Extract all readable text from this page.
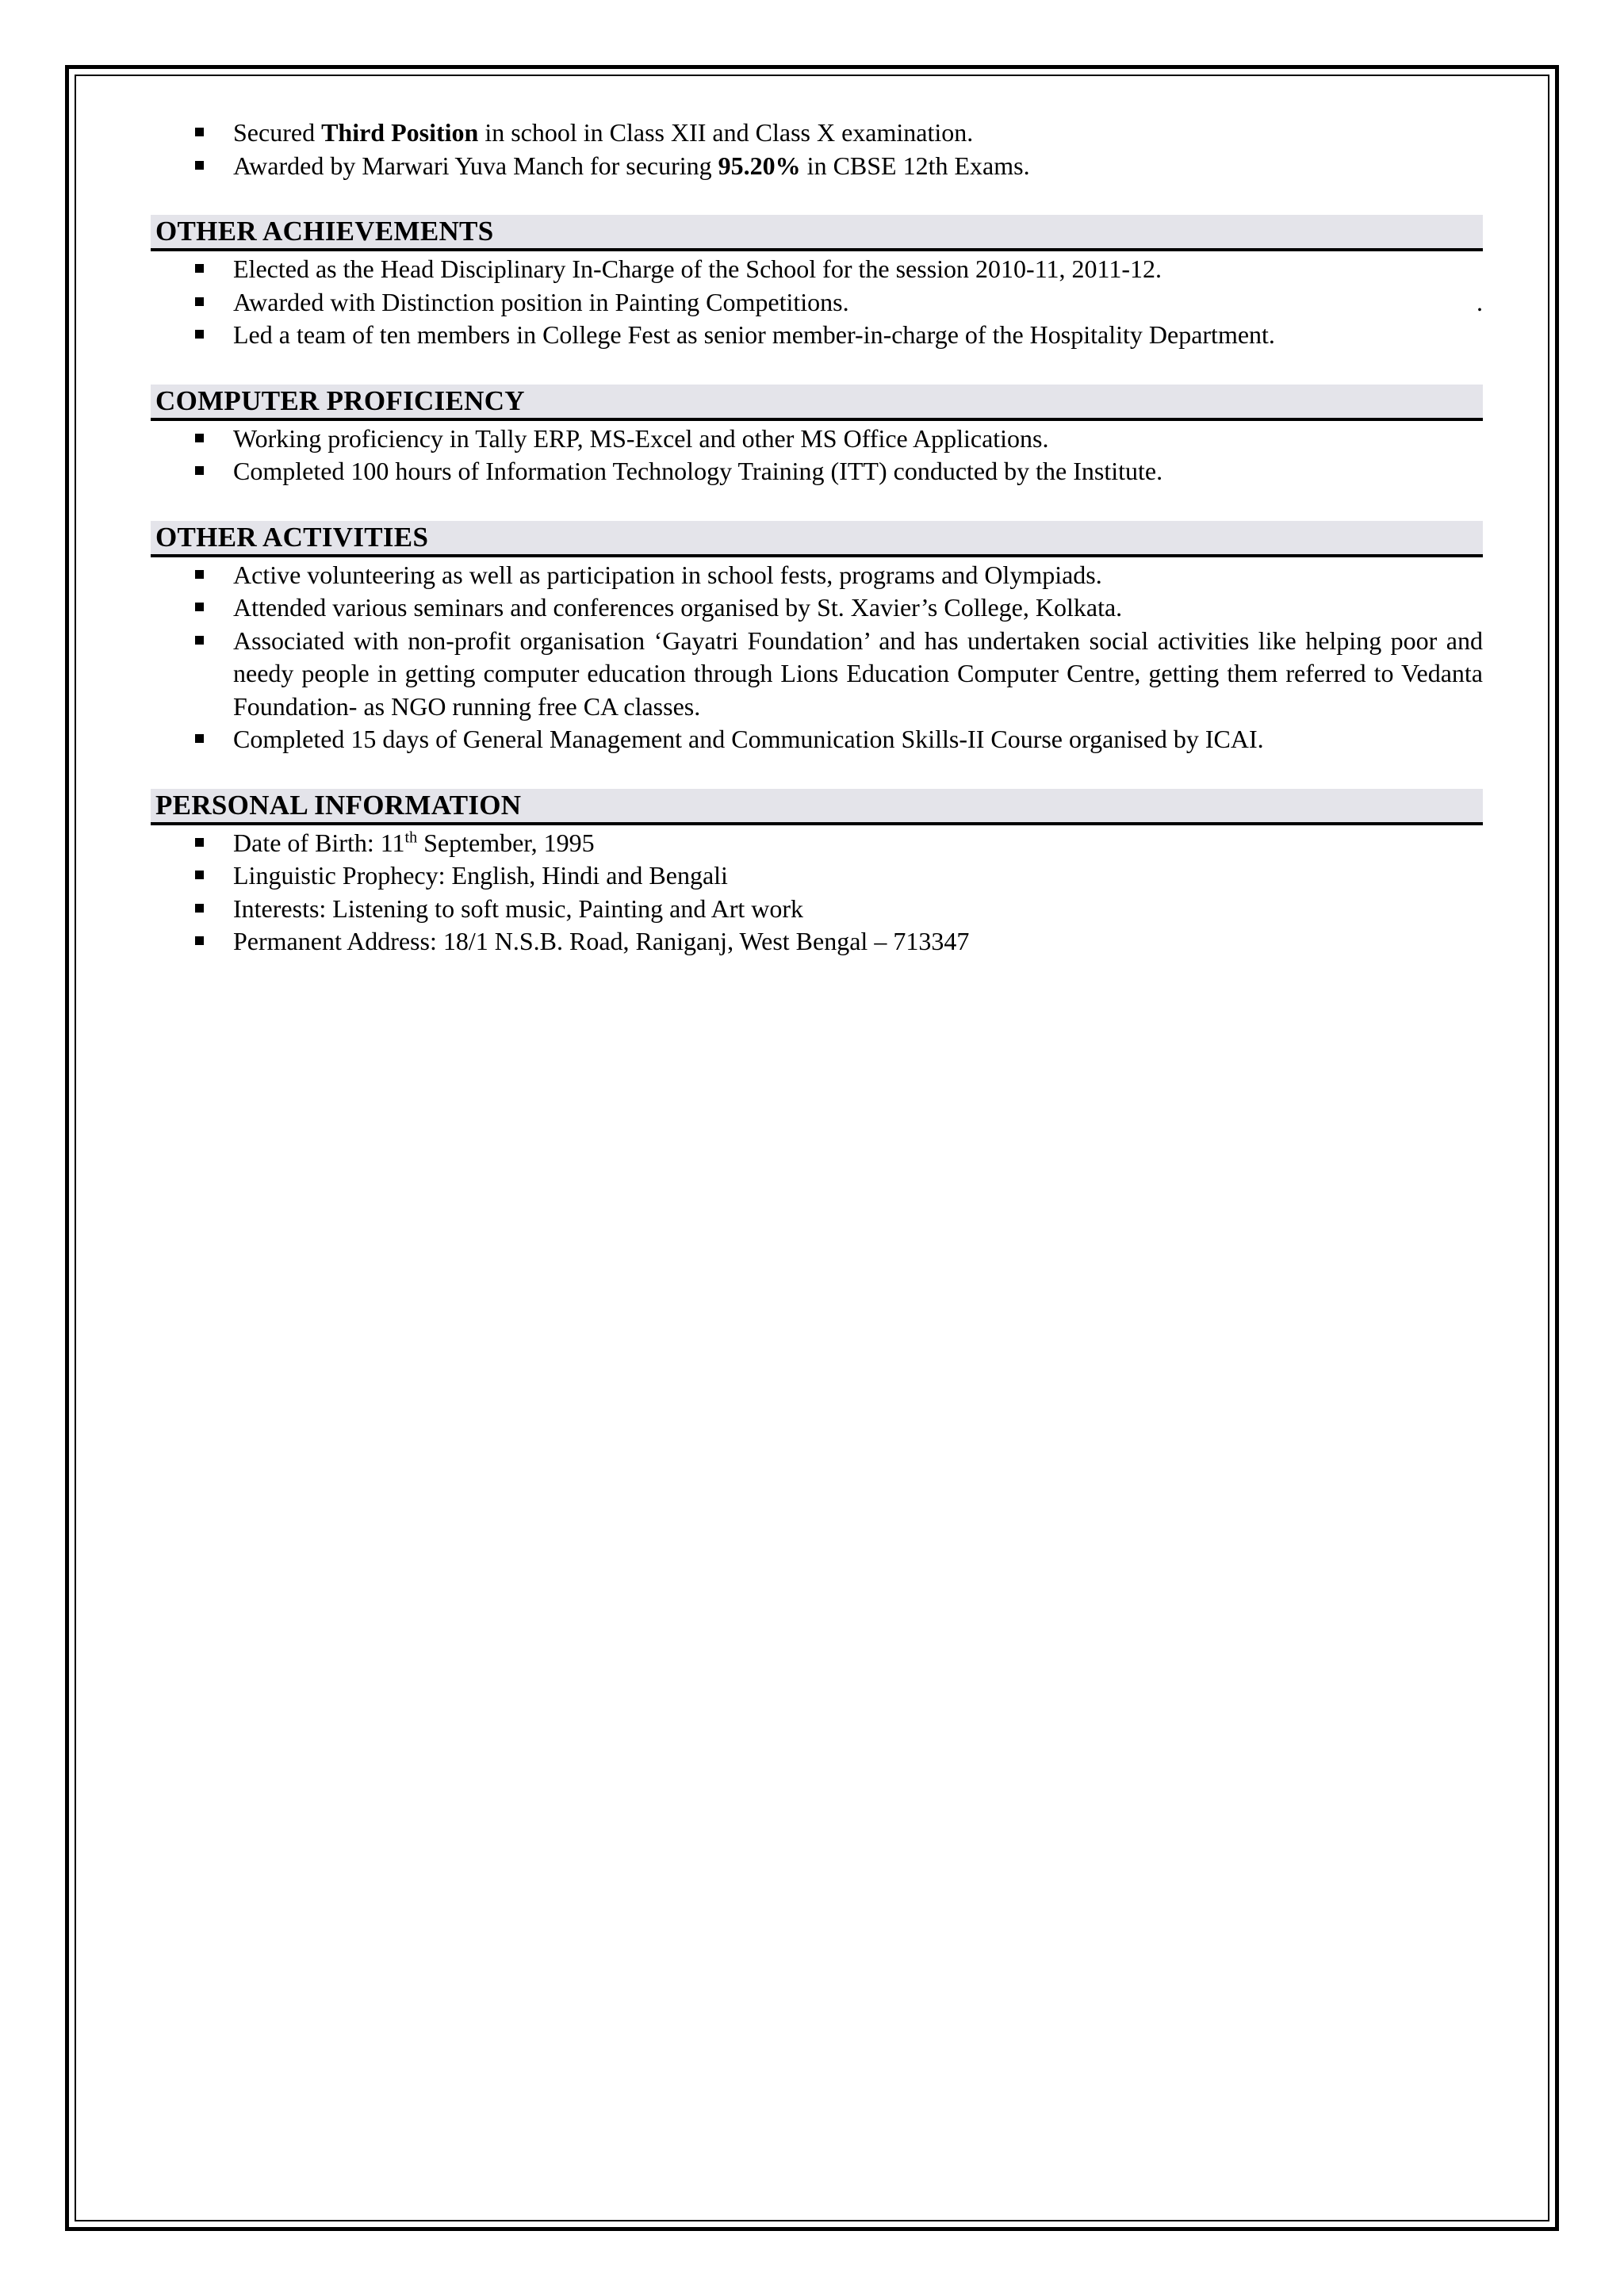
Secured Third Position in school in Class XII and Class X examination.
Awarded by Marwari Yuva Manch for securing 95.20% in CBSE 12th Exams.
OTHER ACHIEVEMENTS
Elected as the Head Disciplinary In-Charge of the School for the session 2010-11, 2011-12.
Awarded with Distinction position in Painting Competitions.	.
Led a team of ten members in College Fest as senior member-in-charge of the Hospitality Department.
COMPUTER PROFICIENCY
Working proficiency in Tally ERP, MS-Excel and other MS Office Applications.
Completed 100 hours of Information Technology Training (ITT) conducted by the Institute.
OTHER ACTIVITIES
Active volunteering as well as participation in school fests, programs and Olympiads.
Attended various seminars and conferences organised by St. Xavier’s College, Kolkata.
Associated with non-profit organisation ‘Gayatri Foundation’ and has undertaken social activities like helping poor and needy people in getting computer education through Lions Education Computer Centre, getting them referred to Vedanta Foundation- as NGO running free CA classes.
Completed 15 days of General Management and Communication Skills-II Course organised by ICAI.
PERSONAL INFORMATION
Date of Birth: 11th September, 1995
Linguistic Prophecy: English, Hindi and Bengali
Interests: Listening to soft music, Painting and Art work
Permanent Address: 18/1 N.S.B. Road, Raniganj, West Bengal – 713347
